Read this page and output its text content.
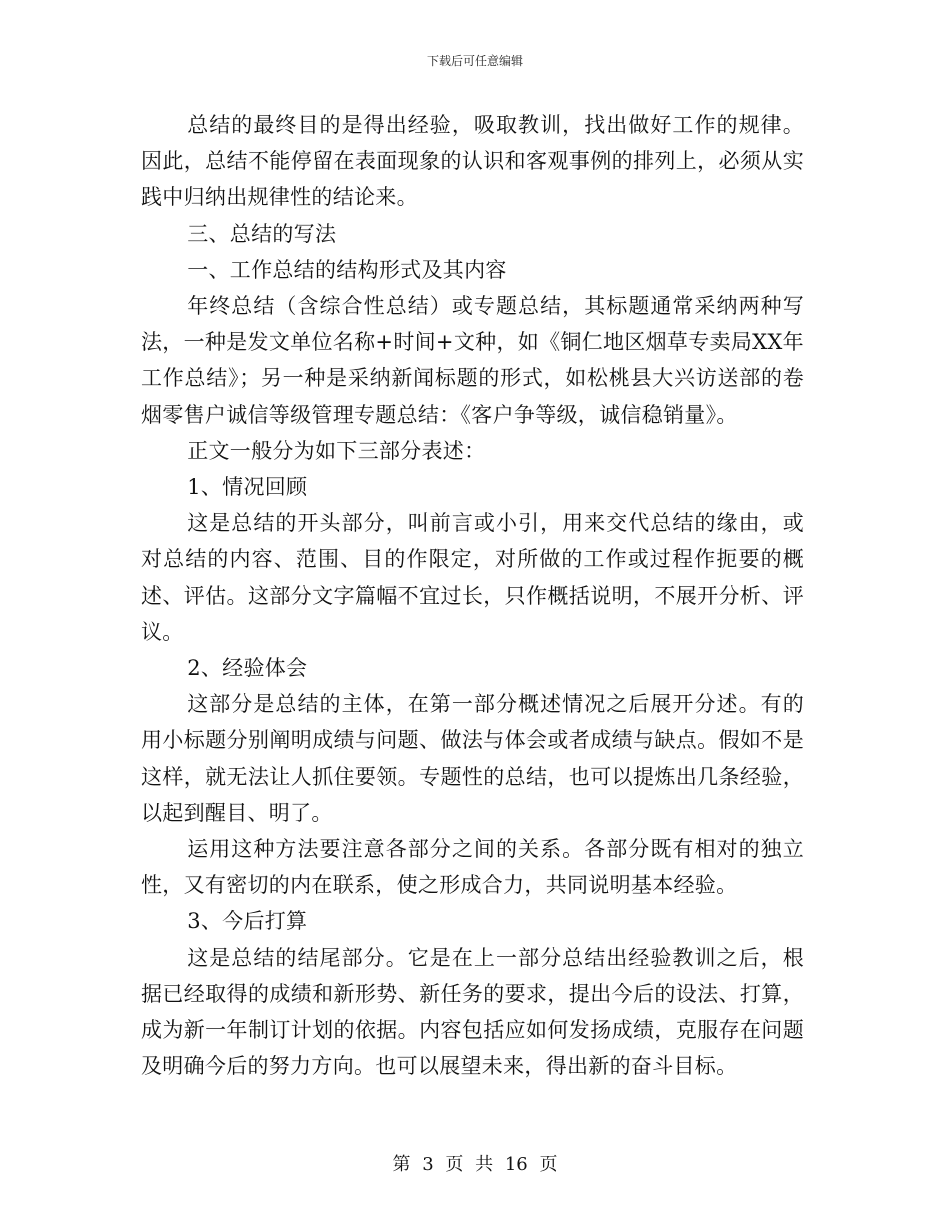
下载后可任意编辑

总结的最终目的是得出经验，吸取教训，找出做好工作的规律。因此，总结不能停留在表面现象的认识和客观事例的排列上，必须从实践中归纳出规律性的结论来。

三、总结的写法

一、工作总结的结构形式及其内容

年终总结（含综合性总结）或专题总结，其标题通常采纳两种写法，一种是发文单位名称+时间+文种，如《铜仁地区烟草专卖局XX年工作总结》；另一种是采纳新闻标题的形式，如松桃县大兴访送部的卷烟零售户诚信等级管理专题总结：《客户争等级，诚信稳销量》。

正文一般分为如下三部分表述：

1、情况回顾

这是总结的开头部分，叫前言或小引，用来交代总结的缘由，或对总结的内容、范围、目的作限定，对所做的工作或过程作扼要的概述、评估。这部分文字篇幅不宜过长，只作概括说明，不展开分析、评议。

2、经验体会

这部分是总结的主体，在第一部分概述情况之后展开分述。有的用小标题分别阐明成绩与问题、做法与体会或者成绩与缺点。假如不是这样，就无法让人抓住要领。专题性的总结，也可以提炼出几条经验，以起到醒目、明了。

运用这种方法要注意各部分之间的关系。各部分既有相对的独立性，又有密切的内在联系，使之形成合力，共同说明基本经验。

3、今后打算

这是总结的结尾部分。它是在上一部分总结出经验教训之后，根据已经取得的成绩和新形势、新任务的要求，提出今后的设法、打算，成为新一年制订计划的依据。内容包括应如何发扬成绩，克服存在问题及明确今后的努力方向。也可以展望未来，得出新的奋斗目标。

第 3 页 共 16 页
